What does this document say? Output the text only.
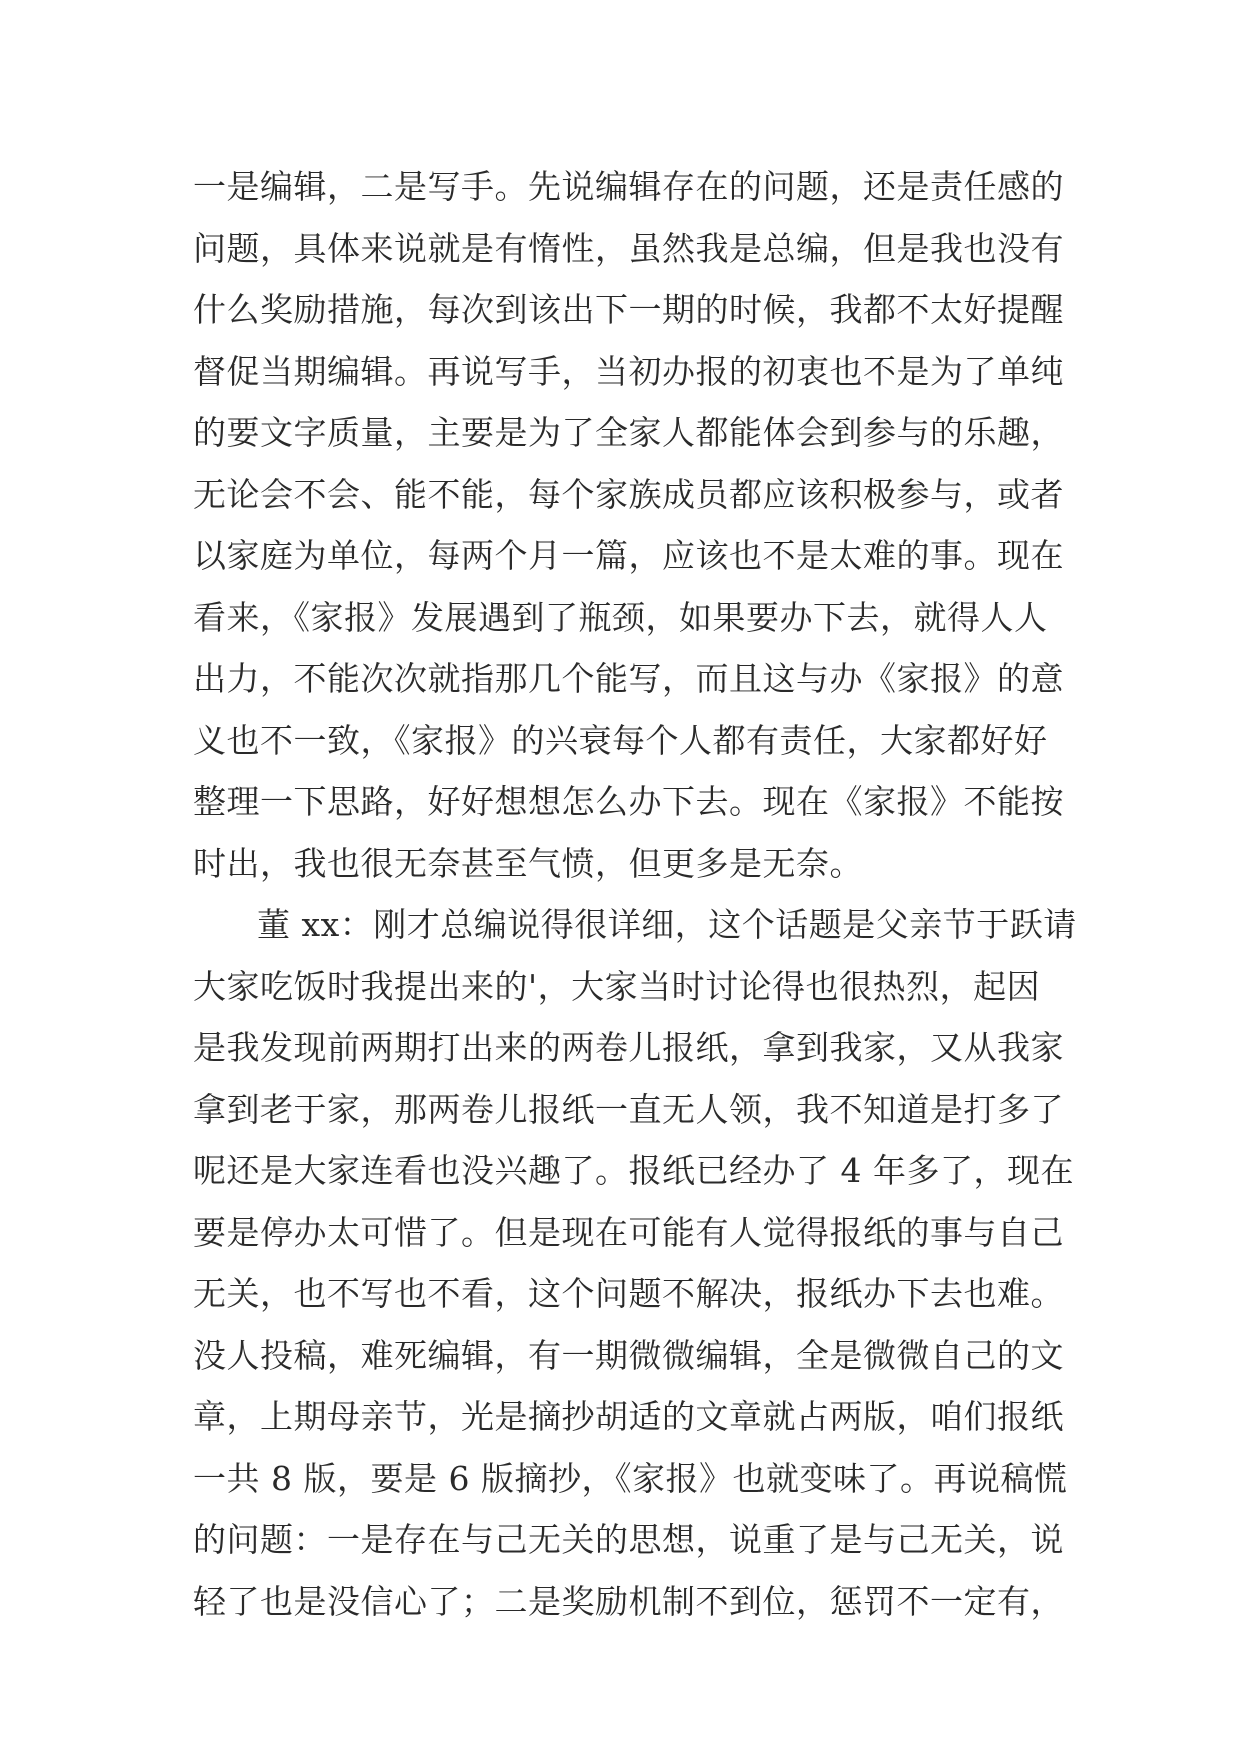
一是编辑，二是写手。先说编辑存在的问题，还是责任感的
问题，具体来说就是有惰性，虽然我是总编，但是我也没有
什么奖励措施，每次到该出下一期的时候，我都不太好提醒
督促当期编辑。再说写手，当初办报的初衷也不是为了单纯
的要文字质量，主要是为了全家人都能体会到参与的乐趣，
无论会不会、能不能，每个家族成员都应该积极参与，或者
以家庭为单位，每两个月一篇，应该也不是太难的事。现在
看来，《家报》发展遇到了瓶颈，如果要办下去，就得人人
出力，不能次次就指那几个能写，而且这与办《家报》的意
义也不一致，《家报》的兴衰每个人都有责任，大家都好好
整理一下思路，好好想想怎么办下去。现在《家报》不能按
时出，我也很无奈甚至气愤，但更多是无奈。
董 xx：刚才总编说得很详细，这个话题是父亲节于跃请
大家吃饭时我提出来的'，大家当时讨论得也很热烈，起因
是我发现前两期打出来的两卷儿报纸，拿到我家，又从我家
拿到老于家，那两卷儿报纸一直无人领，我不知道是打多了
呢还是大家连看也没兴趣了。报纸已经办了 4 年多了，现在
要是停办太可惜了。但是现在可能有人觉得报纸的事与自己
无关，也不写也不看，这个问题不解决，报纸办下去也难。
没人投稿，难死编辑，有一期微微编辑，全是微微自己的文
章，上期母亲节，光是摘抄胡适的文章就占两版，咱们报纸
一共 8 版，要是 6 版摘抄，《家报》也就变味了。再说稿慌
的问题：一是存在与己无关的思想，说重了是与己无关，说
轻了也是没信心了；二是奖励机制不到位，惩罚不一定有，
